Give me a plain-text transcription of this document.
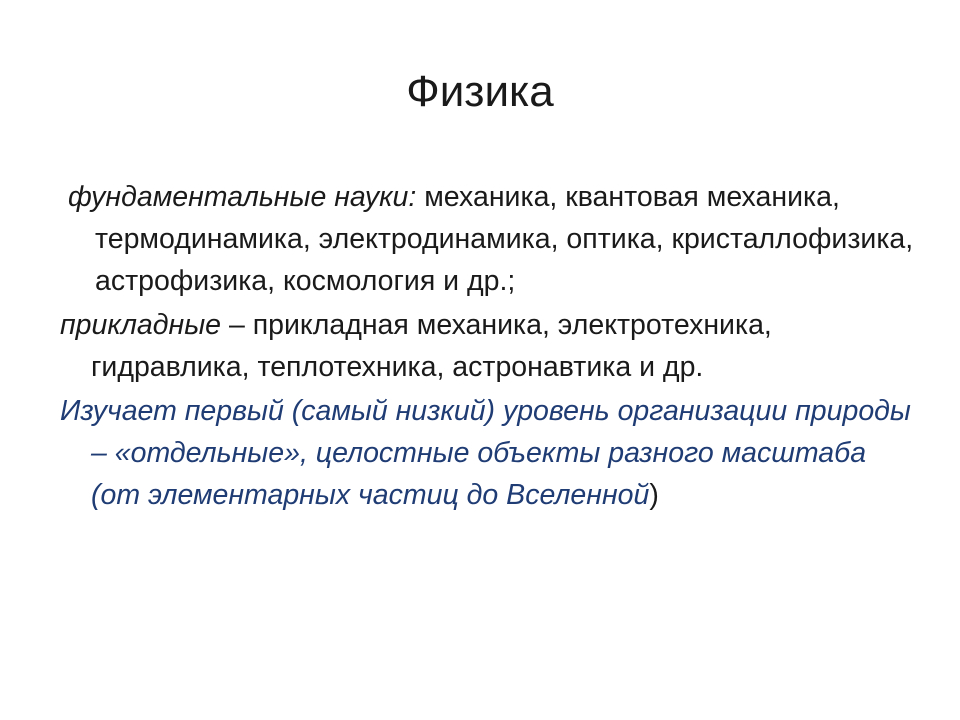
Физика

фундаментальные науки: механика, квантовая механика, термодинамика, электродинамика, оптика, кристаллофизика, астрофизика, космология и др.;

прикладные – прикладная механика, электротехника, гидравлика, теплотехника, астронавтика и др.

Изучает первый (самый низкий) уровень организации природы – «отдельные», целостные объекты разного масштаба (от элементарных частиц до Вселенной)
